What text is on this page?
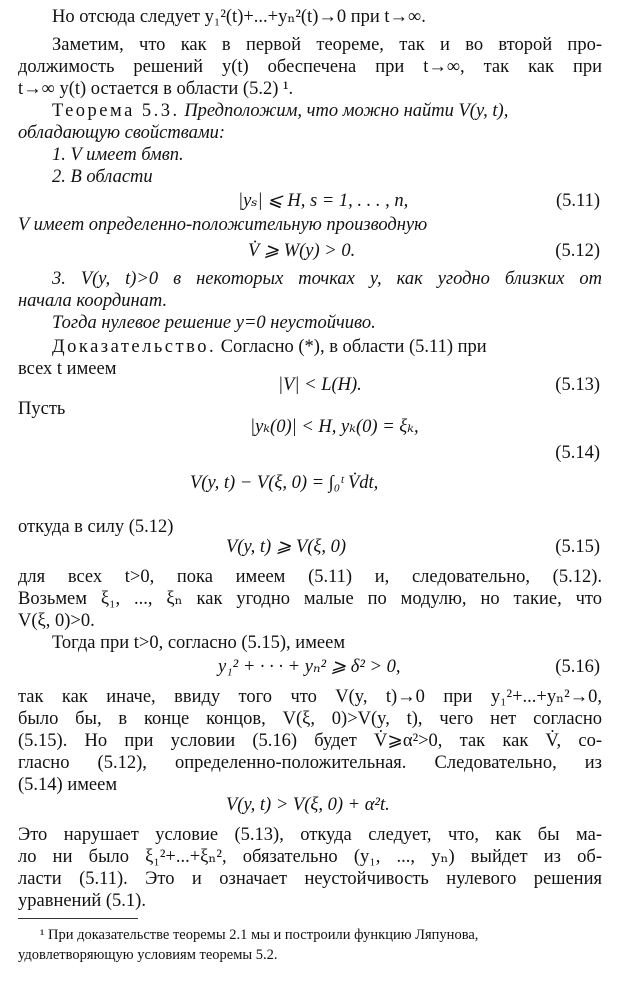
Но отсюда следует y₁²(t)+...+yₙ²(t)→0 при t→∞.
Заметим, что как в первой теореме, так и во второй про-
должимость решений y(t) обеспечена при t→∞, так как при
t→∞ y(t) остается в области (5.2) ¹.
Теорема 5.3. Предположим, что можно найти V(y, t),
обладающую свойствами:
1. V имеет бмвп.
2. В области
|yₛ| ⩽ H, s = 1, . . . , n,	(5.11)
V имеет определенно-положительную производную
V̇ ⩾ W(y) > 0.	(5.12)
3. V(y, t)>0 в некоторых точках y, как угодно близких от
начала координат.
Тогда нулевое решение y=0 неустойчиво.
Доказательство. Согласно (*), в области (5.11) при
всех t имеем
|V| < L(H).	(5.13)
Пусть
|yₖ(0)| < H, yₖ(0) = ξₖ,
(5.14)
V(y, t) − V(ξ, 0) = ∫₀ᵗ V̇dt,
откуда в силу (5.12)
V(y, t) ⩾ V(ξ, 0)	(5.15)
для всех t>0, пока имеем (5.11) и, следовательно, (5.12).
Возьмем ξ₁, ..., ξₙ как угодно малые по модулю, но такие, что
V(ξ, 0)>0.
Тогда при t>0, согласно (5.15), имеем
y₁² + · · · + yₙ² ⩾ δ² > 0,	(5.16)
так как иначе, ввиду того что V(y, t)→0 при y₁²+...+yₙ²→0,
было бы, в конце концов, V(ξ, 0)>V(y, t), чего нет согласно
(5.15). Но при условии (5.16) будет V̇⩾α²>0, так как V̇, со-
гласно (5.12), определенно-положительная. Следовательно, из
(5.14) имеем
V(y, t) > V(ξ, 0) + α²t.
Это нарушает условие (5.13), откуда следует, что, как бы ма-
ло ни было ξ₁²+...+ξₙ², обязательно (y₁, ..., yₙ) выйдет из об-
ласти (5.11). Это и означает неустойчивость нулевого решения
уравнений (5.1).
¹ При доказательстве теоремы 2.1 мы и построили функцию Ляпунова,
удовлетворяющую условиям теоремы 5.2.
